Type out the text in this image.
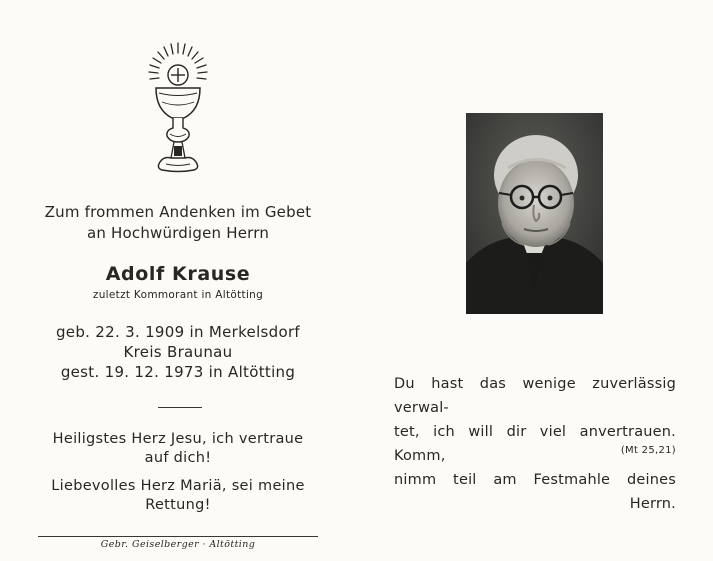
Zum frommen Andenken im Gebet
an Hochwürdigen Herrn
Adolf Krause
zuletzt Kommorant in Altötting
geb. 22. 3. 1909 in Merkelsdorf
Kreis Braunau
gest. 19. 12. 1973 in Altötting
Heiligstes Herz Jesu, ich vertraue
auf dich!
Liebevolles Herz Mariä, sei meine
Rettung!
Gebr. Geiselberger · Altötting
Du hast das wenige zuverlässig verwal-
tet, ich will dir viel anvertrauen. Komm,
nimm teil am Festmahle deines Herrn.
(Mt 25,21)
